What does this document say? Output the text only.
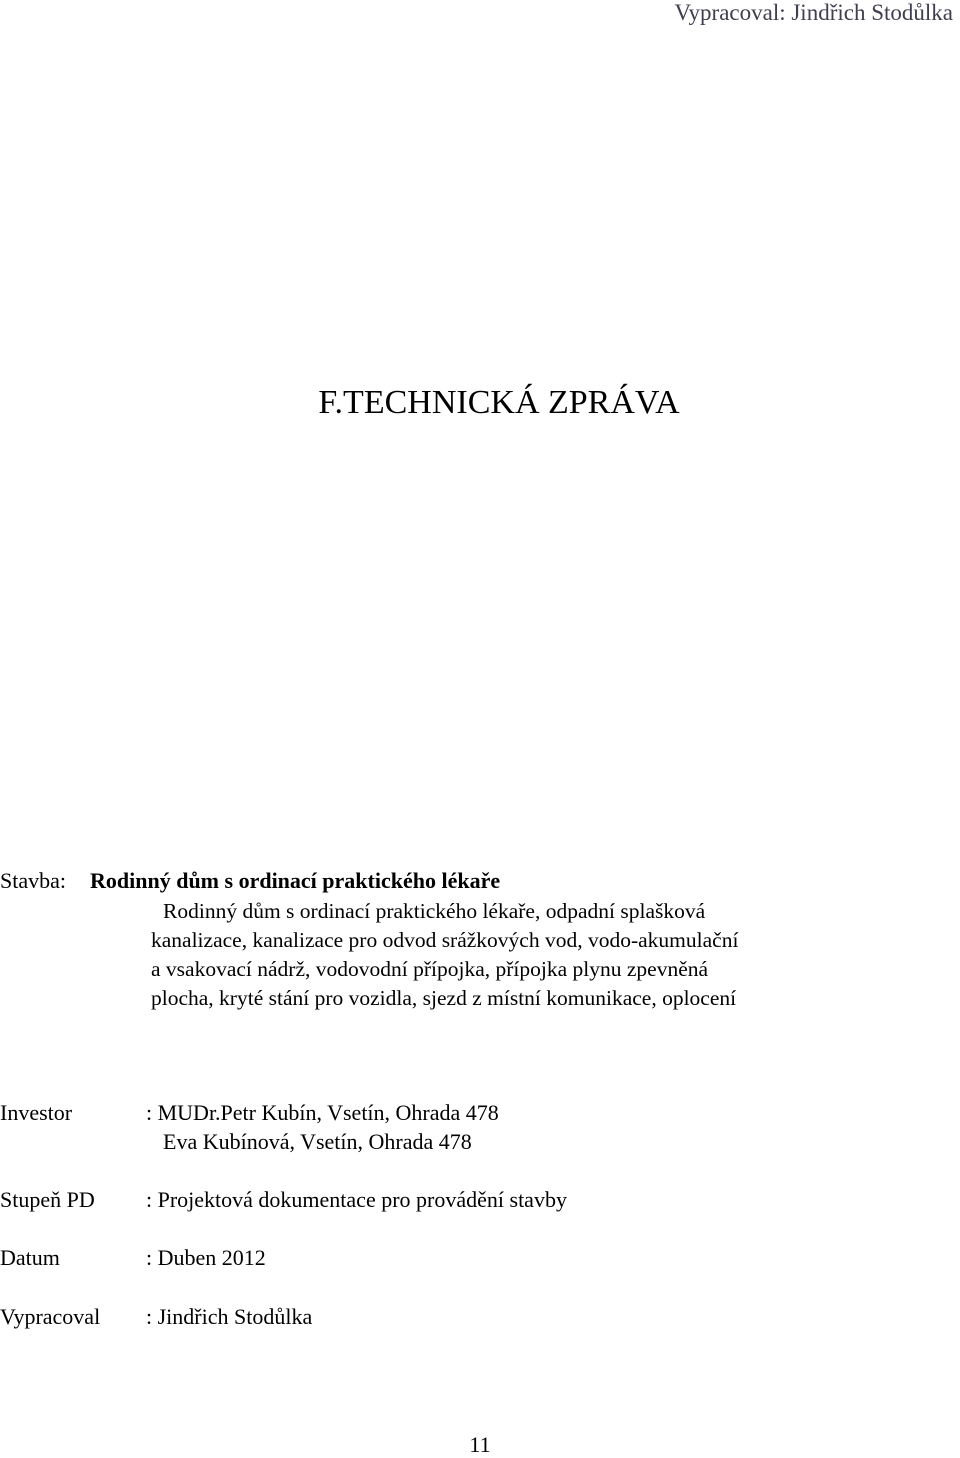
Vypracoval: Jindřich Stodůlka
F.TECHNICKÁ ZPRÁVA
Stavba: Rodinný dům s ordinací praktického lékaře
Rodinný dům s ordinací praktického lékaře, odpadní splašková
kanalizace, kanalizace pro odvod srážkových vod, vodo-akumulační
a vsakovací nádrž, vodovodní přípojka, přípojka plynu zpevněná
plocha, kryté stání pro vozidla, sjezd z místní komunikace, oplocení
Investor	: MUDr.Petr Kubín, Vsetín, Ohrada 478
Eva Kubínová, Vsetín, Ohrada 478
Stupeň PD : Projektová dokumentace pro provádění stavby
Datum	: Duben 2012
Vypracoval : Jindřich Stodůlka
11
